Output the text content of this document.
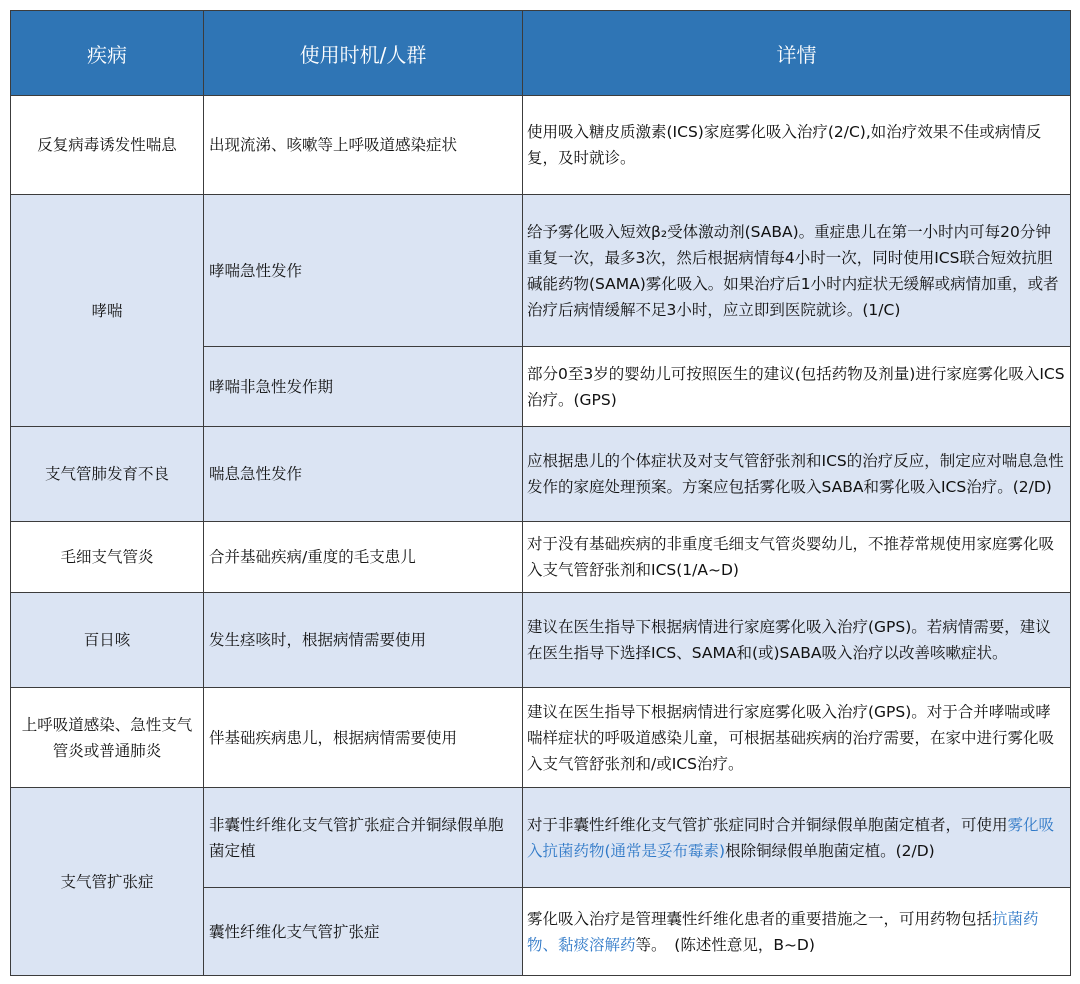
疾病	使用时机/人群	详情
反复病毒诱发性喘息	出现流涕、咳嗽等上呼吸道感染症状	使用吸入糖皮质激素(ICS)家庭雾化吸入治疗(2/C),如治疗效果不佳或病情反复，及时就诊。
哮喘	哮喘急性发作	给予雾化吸入短效β₂受体激动剂(SABA)。重症患儿在第一小时内可每20分钟重复一次，最多3次，然后根据病情每4小时一次，同时使用ICS联合短效抗胆碱能药物(SAMA)雾化吸入。如果治疗后1小时内症状无缓解或病情加重，或者治疗后病情缓解不足3小时，应立即到医院就诊。(1/C)
	哮喘非急性发作期	部分0至3岁的婴幼儿可按照医生的建议(包括药物及剂量)进行家庭雾化吸入ICS治疗。(GPS)
支气管肺发育不良	喘息急性发作	应根据患儿的个体症状及对支气管舒张剂和ICS的治疗反应，制定应对喘息急性发作的家庭处理预案。方案应包括雾化吸入SABA和雾化吸入ICS治疗。(2/D)
毛细支气管炎	合并基础疾病/重度的毛支患儿	对于没有基础疾病的非重度毛细支气管炎婴幼儿，不推荐常规使用家庭雾化吸入支气管舒张剂和ICS(1/A~D)
百日咳	发生痉咳时，根据病情需要使用	建议在医生指导下根据病情进行家庭雾化吸入治疗(GPS)。若病情需要，建议在医生指导下选择ICS、SAMA和(或)SABA吸入治疗以改善咳嗽症状。
上呼吸道感染、急性支气管炎或普通肺炎	伴基础疾病患儿，根据病情需要使用	建议在医生指导下根据病情进行家庭雾化吸入治疗(GPS)。对于合并哮喘或哮喘样症状的呼吸道感染儿童，可根据基础疾病的治疗需要，在家中进行雾化吸入支气管舒张剂和/或ICS治疗。
支气管扩张症	非囊性纤维化支气管扩张症合并铜绿假单胞菌定植	对于非囊性纤维化支气管扩张症同时合并铜绿假单胞菌定植者，可使用雾化吸入抗菌药物(通常是妥布霉素)根除铜绿假单胞菌定植。(2/D)
	囊性纤维化支气管扩张症	雾化吸入治疗是管理囊性纤维化患者的重要措施之一，可用药物包括抗菌药物、黏痰溶解药等。　(陈述性意见，B~D)
